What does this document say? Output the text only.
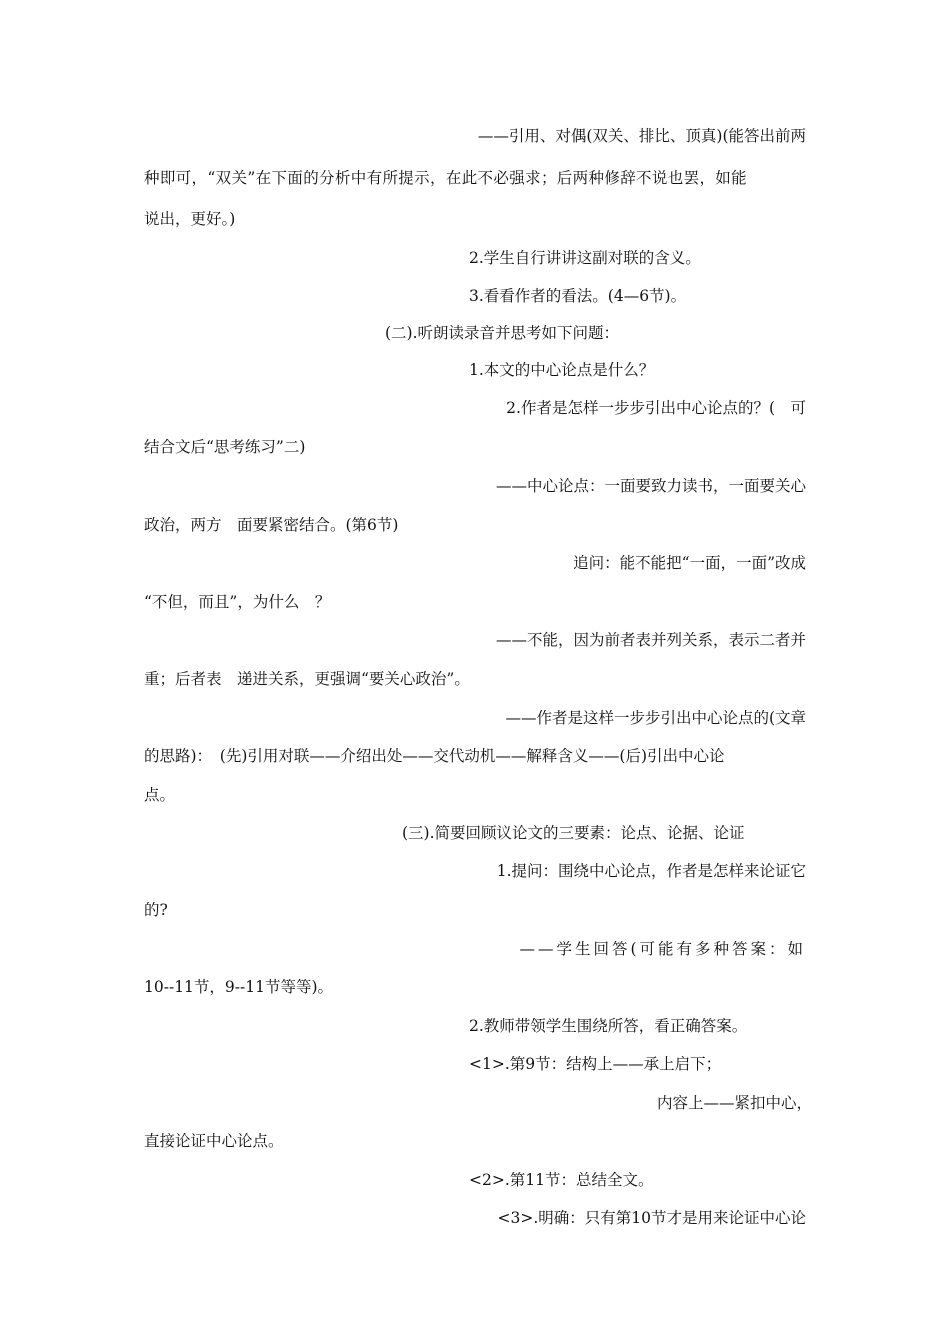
——引用、对偶(双关、排比、顶真)(能答出前两
种即可，“双关”在下面的分析中有所提示，在此不必强求；后两种修辞不说也罢，如能
说出，更好。)
2.学生自行讲讲这副对联的含义。
3.看看作者的看法。(4—6节)。
(二).听朗读录音并思考如下问题：
1.本文的中心论点是什么？
2.作者是怎样一步步引出中心论点的？(　可
结合文后“思考练习”二)
——中心论点：一面要致力读书，一面要关心
政治，两方　面要紧密结合。(第6节)
追问：能不能把“一面，一面”改成
“不但，而且”，为什么　？
——不能，因为前者表并列关系，表示二者并
重；后者表　递进关系，更强调“要关心政治”。
——作者是这样一步步引出中心论点的(文章
的思路)：　(先)引用对联——介绍出处——交代动机——解释含义——(后)引出中心论
点。
(三).简要回顾议论文的三要素：论点、论据、论证
1.提问：围绕中心论点，作者是怎样来论证它
的?
——学生回答(可能有多种答案：如
10--11节，9--11节等等)。
2.教师带领学生围绕所答，看正确答案。
<1>.第9节：结构上——承上启下；
内容上——紧扣中心，
直接论证中心论点。
<2>.第11节：总结全文。
<3>.明确：只有第10节才是用来论证中心论
